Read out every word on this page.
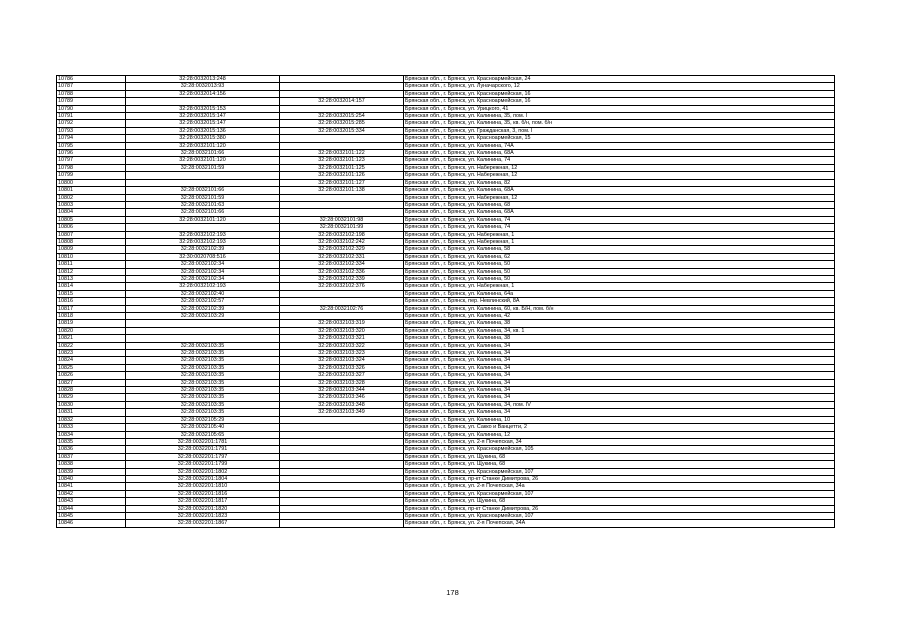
10786	32:28:0032013:248		Брянская обл., г. Брянск, ул. Красноармейская, 24
10787	32:28:0032013:93		Брянская обл., г. Брянск, ул. Луначарского, 12
10788	32:28:0032014:156		Брянская обл., г. Брянск, ул. Красноармейская, 16
10789		32:28:0032014:157	Брянская обл., г. Брянск, ул. Красноармейская, 16
10790	32:28:0032015:153		Брянская обл., г. Брянск, ул. Урицкого, 41
10791	32:28:0032015:147	32:28:0032015:254	Брянская обл., г. Брянск, ул. Калинина, 35, пом. I
10792	32:28:0032015:147	32:28:0032015:285	Брянская обл., г. Брянск, ул. Калинина, 35, кв. б/н, пом. б/н
10793	32:28:0032015:136	32:28:0032015:334	Брянская обл., г. Брянск, ул. Гражданская, 3, пом. I
10794	32:28:0032015:380		Брянская обл., г. Брянск, ул. Красноармейская, 15
10795	32:28:0032101:120		Брянская обл., г. Брянск, ул. Калинина, 74А
10796	32:28:0032101:66	32:28:0032101:122	Брянская обл., г. Брянск, ул. Калинина, 68А
10797	32:28:0032101:120	32:28:0032101:123	Брянская обл., г. Брянск, ул. Калинина, 74
10798	32:28:0032101:59	32:28:0032101:125	Брянская обл., г. Брянск, ул. Набережная, 12
10799		32:28:0032101:126	Брянская обл., г. Брянск, ул. Набережная, 12
10800		32:28:0032101:127	Брянская обл., г. Брянск, ул. Калинина, 82
10801	32:28:0032101:66	32:28:0032101:138	Брянская обл., г. Брянск, ул. Калинина, 68А
10802	32:28:0032101:59		Брянская обл., г. Брянск, ул. Набережная, 12
10803	32:28:0032101:63		Брянская обл., г. Брянск, ул. Калинина, 68
10804	32:28:0032101:66		Брянская обл., г. Брянск, ул. Калинина, 68А
10805	32:28:0032101:120	32:28:0032101:98	Брянская обл., г. Брянск, ул. Калинина, 74
10806		32:28:0032101:99	Брянская обл., г. Брянск, ул. Калинина, 74
10807	32:28:0032102:193	32:28:0032102:198	Брянская обл., г. Брянск, ул. Набережная, 1
10808	32:28:0032102:193	32:28:0032102:242	Брянская обл., г. Брянск, ул. Набережная, 1
10809	32:28:0032102:39	32:28:0032102:329	Брянская обл., г. Брянск, ул. Калинина, 58
10810	32:30:0020708:516	32:28:0032102:331	Брянская обл., г. Брянск, ул. Калинина, 62
10811	32:28:0032102:34	32:28:0032102:334	Брянская обл., г. Брянск, ул. Калинина, 50
10812	32:28:0032102:34	32:28:0032102:336	Брянская обл., г. Брянск, ул. Калинина, 50
10813	32:28:0032102:34	32:28:0032102:339	Брянская обл., г. Брянск, ул. Калинина, 50
10814	32:28:0032102:193	32:28:0032102:376	Брянская обл., г. Брянск, ул. Набережная, 1
10815	32:28:0032102:40		Брянская обл., г. Брянск, ул. Калинина, 64а
10816	32:28:0032102:57		Брянская обл., г. Брянск, пер. Невлинский, 8А
10817	32:28:0032102:39	32:28:0032102:76	Брянская обл., г. Брянск, ул. Калинина, 60, кв. Б/Н, пом. б/н
10818	32:28:0032103:29		Брянская обл., г. Брянск, ул. Калинина, 42
10819		32:28:0032103:319	Брянская обл., г. Брянск, ул. Калинина, 38
10820		32:28:0032103:320	Брянская обл., г. Брянск, ул. Калинина, 34, кв. 1
10821		32:28:0032103:321	Брянская обл., г. Брянск, ул. Калинина, 38
10822	32:28:0032103:35	32:28:0032103:322	Брянская обл., г. Брянск, ул. Калинина, 34
10823	32:28:0032103:35	32:28:0032103:323	Брянская обл., г. Брянск, ул. Калинина, 34
10824	32:28:0032103:35	32:28:0032103:324	Брянская обл., г. Брянск, ул. Калинина, 34
10825	32:28:0032103:35	32:28:0032103:326	Брянская обл., г. Брянск, ул. Калинина, 34
10826	32:28:0032103:35	32:28:0032103:327	Брянская обл., г. Брянск, ул. Калинина, 34
10827	32:28:0032103:35	32:28:0032103:328	Брянская обл., г. Брянск, ул. Калинина, 34
10828	32:28:0032103:35	32:28:0032103:344	Брянская обл., г. Брянск, ул. Калинина, 34
10829	32:28:0032103:35	32:28:0032103:346	Брянская обл., г. Брянск, ул. Калинина, 34
10830	32:28:0032103:35	32:28:0032103:348	Брянская обл., г. Брянск, ул. Калинина, 34, пом. IV
10831	32:28:0032103:35	32:28:0032103:349	Брянская обл., г. Брянск, ул. Калинина, 34
10832	32:28:0032105:29		Брянская обл., г. Брянск, ул. Калинина, 10
10833	32:28:0032105:40		Брянская обл., г. Брянск, ул. Сакко и Ванцетти, 2
10834	32:28:0032105:65		Брянская обл., г. Брянск, ул. Калинина, 12
10835	32:28:0032201:1781		Брянская обл., г. Брянск, ул. 2-я Почепская, 34
10836	32:28:0032201:1791		Брянская обл., г. Брянск, ул. Красноармейская, 105
10837	32:28:0032201:1797		Брянская обл., г. Брянск, ул. Щукина, 68
10838	32:28:0032201:1799		Брянская обл., г. Брянск, ул. Щукина, 68
10839	32:28:0032201:1802		Брянская обл., г. Брянск, ул. Красноармейская, 107
10840	32:28:0032201:1804		Брянская обл., г. Брянск, пр-кт Станке Димитрова, 26
10841	32:28:0032201:1810		Брянская обл., г. Брянск, ул. 2-я Почепская, 34а
10842	32:28:0032201:1816		Брянская обл., г. Брянск, ул. Красноармейская, 107
10843	32:28:0032201:1817		Брянская обл., г. Брянск, ул. Щукина, 68
10844	32:28:0032201:1820		Брянская обл., г. Брянск, пр-кт Станке Димитрова, 26
10845	32:28:0032201:1823		Брянская обл., г. Брянск, ул. Красноармейская, 107
10846	32:28:0032201:1867		Брянская обл., г. Брянск, ул. 2-я Почепская, 34А
178
